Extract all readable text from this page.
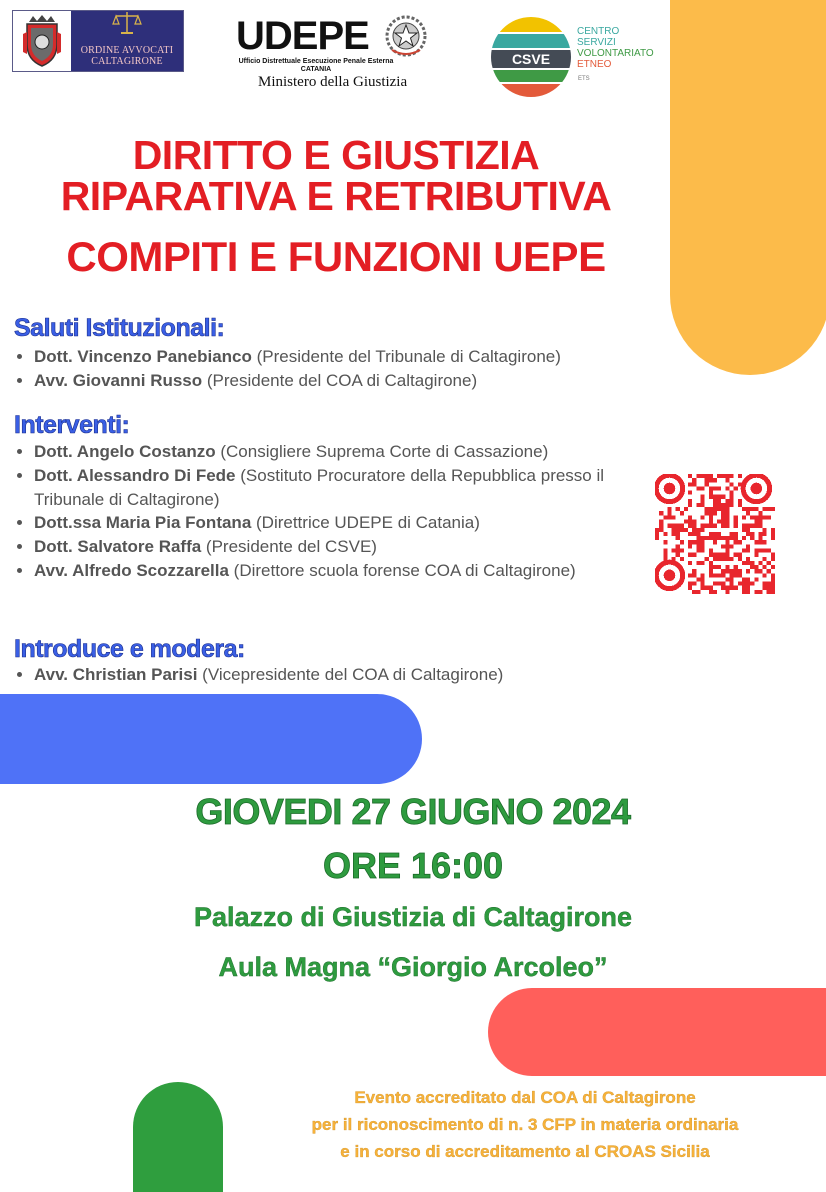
ORDINE AVVOCATI
CALTAGIRONE
UDEPE
Ufficio Distrettuale Esecuzione Penale Esterna
CATANIA
Ministero della Giustizia
CSVE
CENTRO
SERVIZI
VOLONTARIATO
ETNEO
ETS
DIRITTO E GIUSTIZIA
RIPARATIVA E RETRIBUTIVA
COMPITI E FUNZIONI UEPE
Saluti Istituzionali:
• Dott. Vincenzo Panebianco (Presidente del Tribunale di Caltagirone)
• Avv. Giovanni Russo (Presidente del COA di Caltagirone)
Interventi:
• Dott. Angelo Costanzo (Consigliere Suprema Corte di Cassazione)
• Dott. Alessandro Di Fede (Sostituto Procuratore della Repubblica presso il Tribunale di Caltagirone)
• Dott.ssa Maria Pia Fontana (Direttrice UDEPE di Catania)
• Dott. Salvatore Raffa (Presidente del CSVE)
• Avv. Alfredo Scozzarella (Direttore scuola forense COA di Caltagirone)
Introduce e modera:
• Avv. Christian Parisi (Vicepresidente del COA di Caltagirone)
GIOVEDI 27 GIUGNO 2024
ORE 16:00
Palazzo di Giustizia di Caltagirone
Aula Magna “Giorgio Arcoleo”
Evento accreditato dal COA di Caltagirone
per il riconoscimento di n. 3 CFP in materia ordinaria
e in corso di accreditamento al CROAS Sicilia
